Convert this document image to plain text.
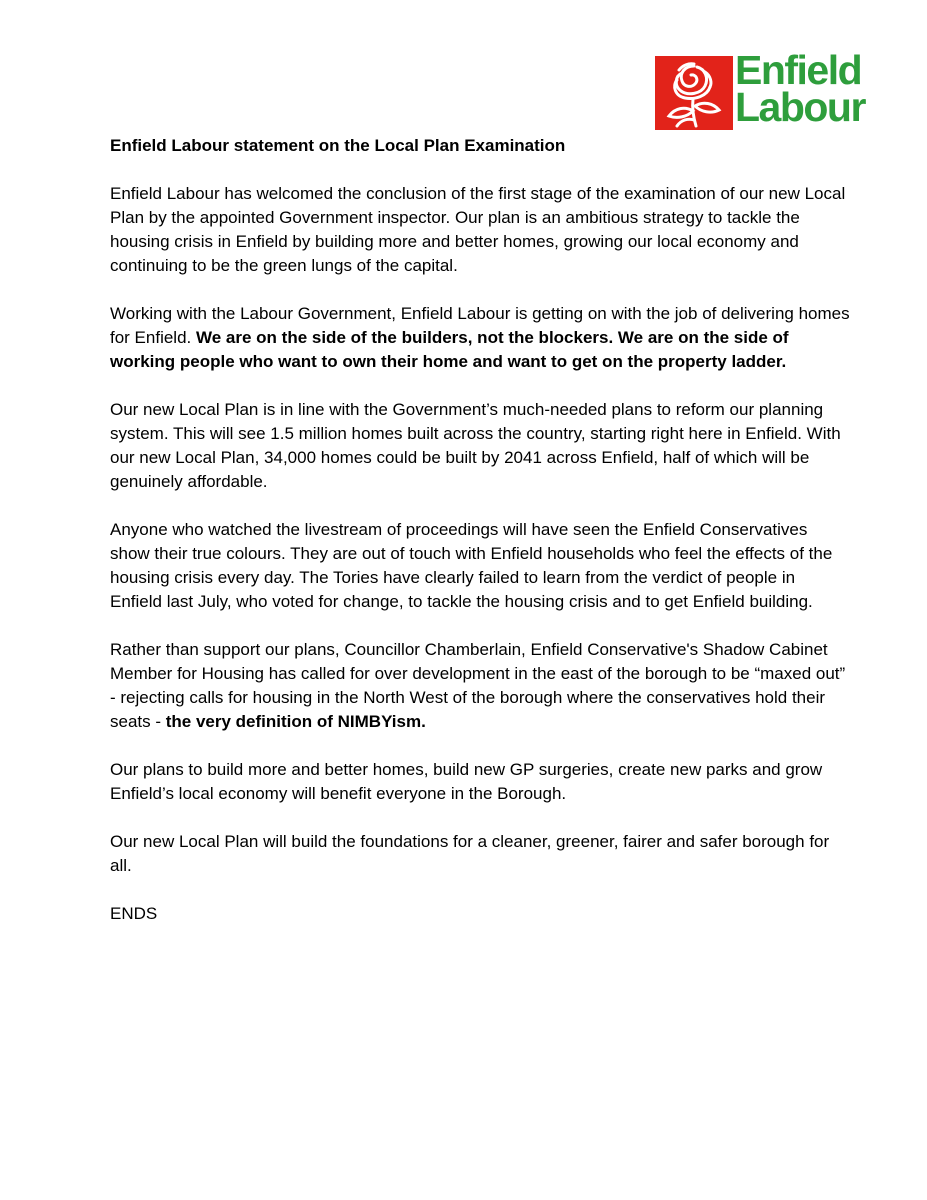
Enfield
Labour

Enfield Labour statement on the Local Plan Examination

Enfield Labour has welcomed the conclusion of the first stage of the examination of our new Local Plan by the appointed Government inspector. Our plan is an ambitious strategy to tackle the housing crisis in Enfield by building more and better homes, growing our local economy and continuing to be the green lungs of the capital.

Working with the Labour Government, Enfield Labour is getting on with the job of delivering homes for Enfield. We are on the side of the builders, not the blockers. We are on the side of working people who want to own their home and want to get on the property ladder.

Our new Local Plan is in line with the Government’s much-needed plans to reform our planning system. This will see 1.5 million homes built across the country, starting right here in Enfield. With our new Local Plan, 34,000 homes could be built by 2041 across Enfield, half of which will be genuinely affordable.

Anyone who watched the livestream of proceedings will have seen the Enfield Conservatives show their true colours. They are out of touch with Enfield households who feel the effects of the housing crisis every day. The Tories have clearly failed to learn from the verdict of people in Enfield last July, who voted for change, to tackle the housing crisis and to get Enfield building.

Rather than support our plans, Councillor Chamberlain, Enfield Conservative's Shadow Cabinet Member for Housing has called for over development in the east of the borough to be “maxed out” - rejecting calls for housing in the North West of the borough where the conservatives hold their seats - the very definition of NIMBYism.

Our plans to build more and better homes, build new GP surgeries, create new parks and grow Enfield’s local economy will benefit everyone in the Borough.

Our new Local Plan will build the foundations for a cleaner, greener, fairer and safer borough for all.

ENDS
